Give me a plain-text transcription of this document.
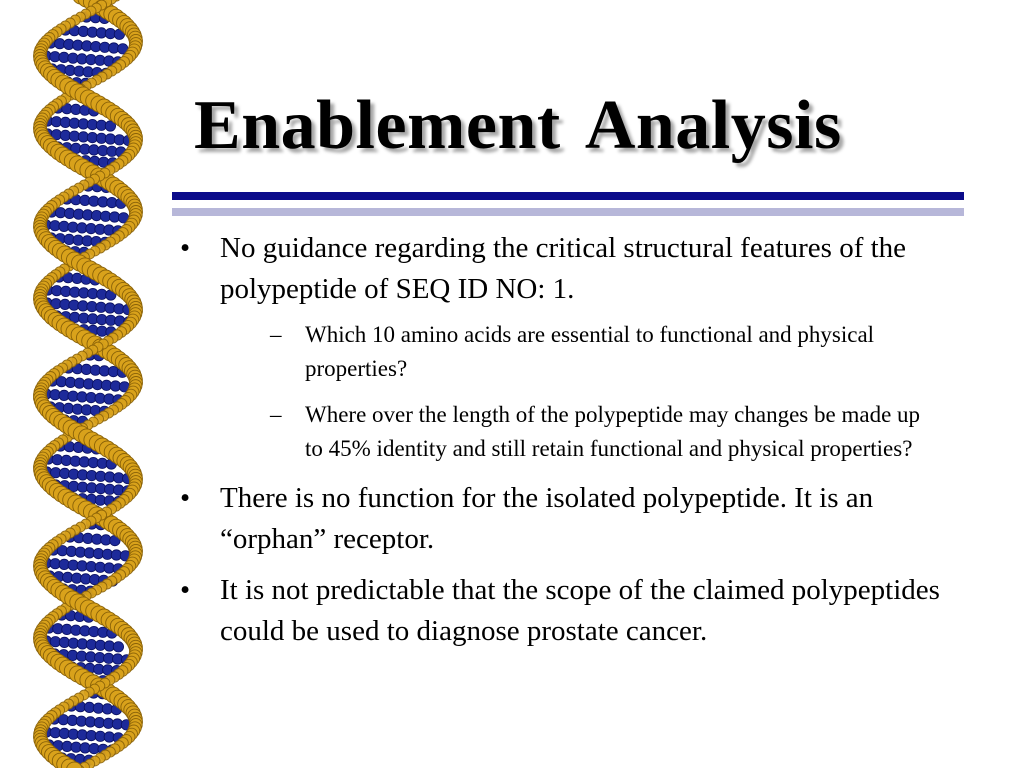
Enablement Analysis
•	No guidance regarding the critical structural features of the polypeptide of SEQ ID NO: 1.
–	Which 10 amino acids are essential to functional and physical properties?
–	Where over the length of the polypeptide may changes be made up to 45% identity and still retain functional and physical properties?
•	There is no function for the isolated polypeptide. It is an “orphan” receptor.
•	It is not predictable that the scope of the claimed polypeptides could be used to diagnose prostate cancer.
